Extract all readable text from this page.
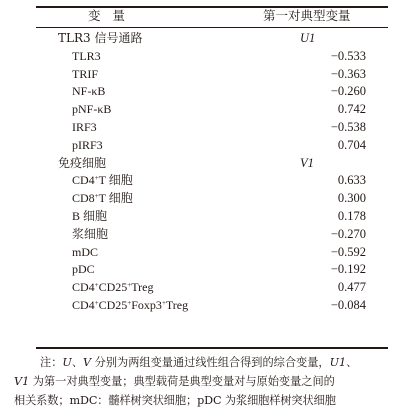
变量	第一对典型变量
TLR3 信号通路	U1
TLR3	−0.533
TRIF	−0.363
NF-κB	−0.260
pNF-κB	0.742
IRF3	−0.538
pIRF3	0.704
免疫细胞	V1
CD4+T 细胞	0.633
CD8+T 细胞	0.300
B 细胞	0.178
浆细胞	−0.270
mDC	−0.592
pDC	−0.192
CD4+CD25+Treg	0.477
CD4+CD25+Foxp3+Treg	−0.084

注：U、V 分别为两组变量通过线性组合得到的综合变量，U1、

V1 为第一对典型变量；典型载荷是典型变量对与原始变量之间的

相关系数；mDC：髓样树突状细胞；pDC 为浆细胞样树突状细胞
